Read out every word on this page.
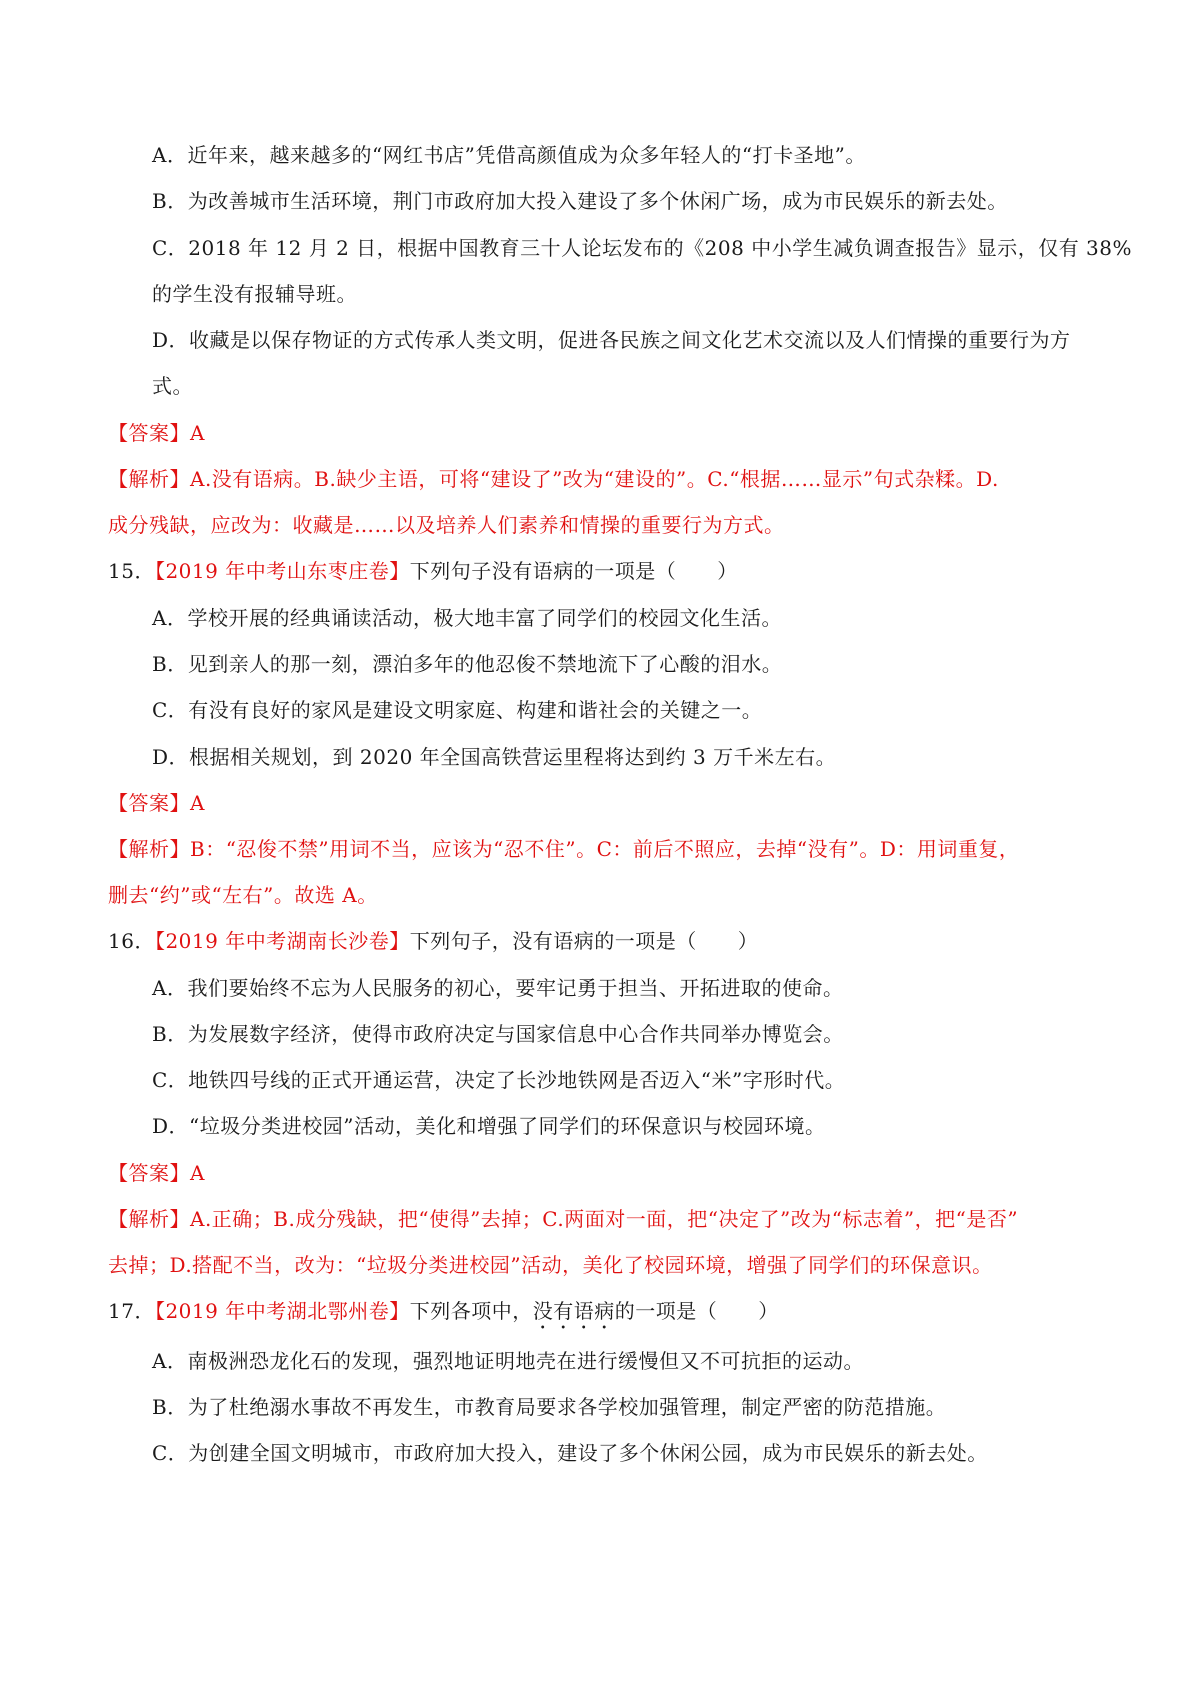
A．近年来，越来越多的“网红书店”凭借高颜值成为众多年轻人的“打卡圣地”。
B．为改善城市生活环境，荆门市政府加大投入建设了多个休闲广场，成为市民娱乐的新去处。
C．2018 年 12 月 2 日，根据中国教育三十人论坛发布的《208 中小学生减负调查报告》显示，仅有 38%
的学生没有报辅导班。
D．收藏是以保存物证的方式传承人类文明，促进各民族之间文化艺术交流以及人们情操的重要行为方
式。
【答案】A
【解析】A.没有语病。B.缺少主语，可将“建设了”改为“建设的”。C.“根据……显示”句式杂糅。D.
成分残缺，应改为：收藏是……以及培养人们素养和情操的重要行为方式。
15．【2019 年中考山东枣庄卷】下列句子没有语病的一项是（　　）
A．学校开展的经典诵读活动，极大地丰富了同学们的校园文化生活。
B．见到亲人的那一刻，漂泊多年的他忍俊不禁地流下了心酸的泪水。
C．有没有良好的家风是建设文明家庭、构建和谐社会的关键之一。
D．根据相关规划，到 2020 年全国高铁营运里程将达到约 3 万千米左右。
【答案】A
【解析】B：“忍俊不禁”用词不当，应该为“忍不住”。C：前后不照应，去掉“没有”。D：用词重复，
删去“约”或“左右”。故选 A。
16．【2019 年中考湖南长沙卷】下列句子，没有语病的一项是（　　）
A．我们要始终不忘为人民服务的初心，要牢记勇于担当、开拓进取的使命。
B．为发展数字经济，使得市政府决定与国家信息中心合作共同举办博览会。
C．地铁四号线的正式开通运营，决定了长沙地铁网是否迈入“米”字形时代。
D．“垃圾分类进校园”活动，美化和增强了同学们的环保意识与校园环境。
【答案】A
【解析】A.正确；B.成分残缺，把“使得”去掉；C.两面对一面，把“决定了”改为“标志着”，把“是否”
去掉；D.搭配不当，改为：“垃圾分类进校园”活动，美化了校园环境，增强了同学们的环保意识。
17．【2019 年中考湖北鄂州卷】下列各项中，没有语病的一项是（　　）
A．南极洲恐龙化石的发现，强烈地证明地壳在进行缓慢但又不可抗拒的运动。
B．为了杜绝溺水事故不再发生，市教育局要求各学校加强管理，制定严密的防范措施。
C．为创建全国文明城市，市政府加大投入，建设了多个休闲公园，成为市民娱乐的新去处。
